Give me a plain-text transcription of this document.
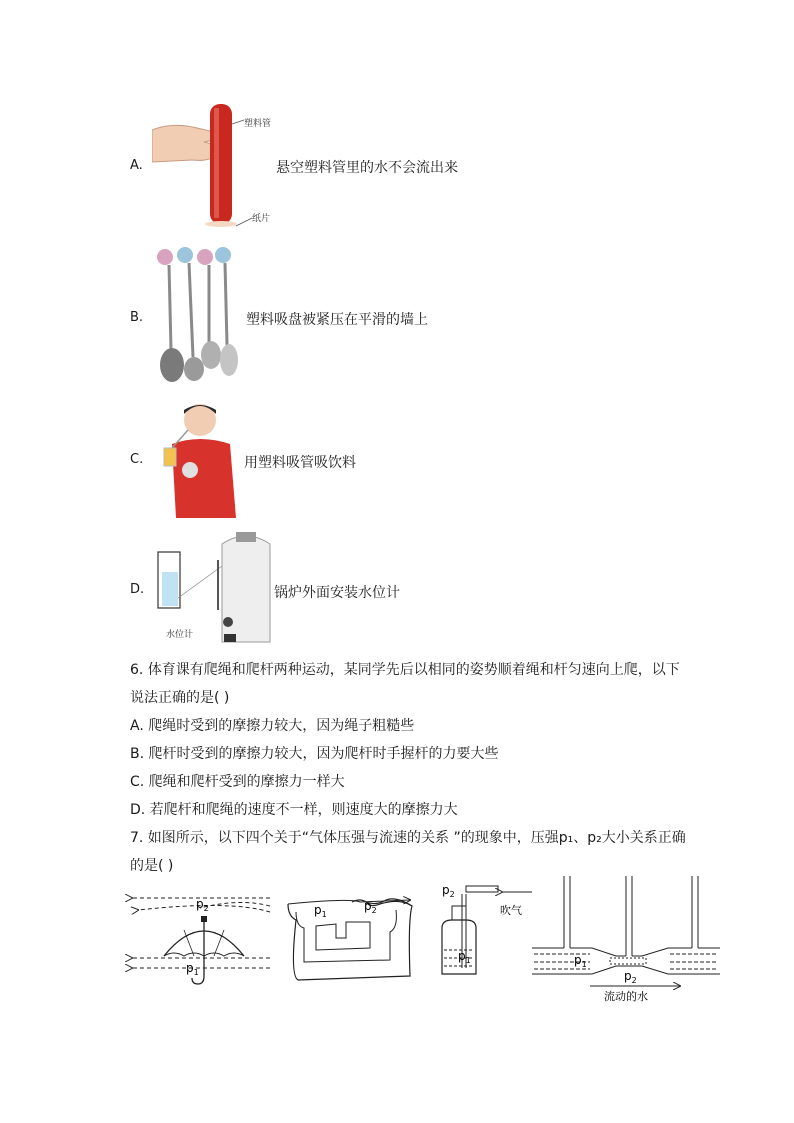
A.
塑料管
纸片
悬空塑料管里的水不会流出来
B.	塑料吸盘被紧压在平滑的墙上
C.	用塑料吸管吸饮料
D.
水位计
锅炉外面安装水位计
6. 体育课有爬绳和爬杆两种运动，某同学先后以相同的姿势顺着绳和杆匀速向上爬，以下
说法正确的是( )
A. 爬绳时受到的摩擦力较大，因为绳子粗糙些
B. 爬杆时受到的摩擦力较大，因为爬杆时手握杆的力要大些
C. 爬绳和爬杆受到的摩擦力一样大
D. 若爬杆和爬绳的速度不一样，则速度大的摩擦力大
7. 如图所示，以下四个关于“气体压强与流速的关系 ”的现象中，压强p₁、p₂大小关系正确
的是( )
$p_2$
$p_1$
$p_1$
$p_2$
$p_2$
吹气
$p_1$	$p_1$
$p_2$
流动的水
